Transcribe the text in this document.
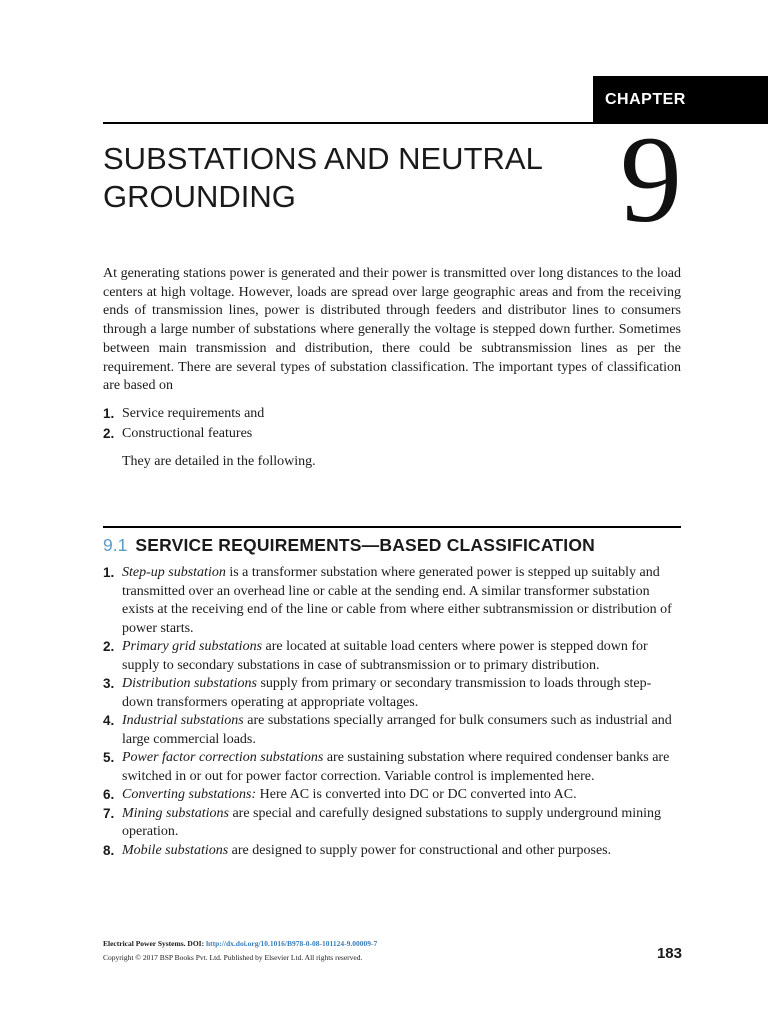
CHAPTER
SUBSTATIONS AND NEUTRAL
GROUNDING	9

At generating stations power is generated and their power is transmitted over long distances to the load centers at high voltage. However, loads are spread over large geographic areas and from the receiving ends of transmission lines, power is distributed through feeders and distributor lines to consumers through a large number of substations where generally the voltage is stepped down further. Sometimes between main transmission and distribution, there could be subtransmission lines as per the requirement. There are several types of substation classification. The important types of classification are based on

1. Service requirements and
2. Constructional features

They are detailed in the following.

9.1 SERVICE REQUIREMENTS—BASED CLASSIFICATION
1. Step-up substation is a transformer substation where generated power is stepped up suitably and transmitted over an overhead line or cable at the sending end. A similar transformer substation exists at the receiving end of the line or cable from where either subtransmission or distribution of power starts.
2. Primary grid substations are located at suitable load centers where power is stepped down for supply to secondary substations in case of subtransmission or to primary distribution.
3. Distribution substations supply from primary or secondary transmission to loads through step-down transformers operating at appropriate voltages.
4. Industrial substations are substations specially arranged for bulk consumers such as industrial and large commercial loads.
5. Power factor correction substations are sustaining substation where required condenser banks are switched in or out for power factor correction. Variable control is implemented here.
6. Converting substations: Here AC is converted into DC or DC converted into AC.
7. Mining substations are special and carefully designed substations to supply underground mining operation.
8. Mobile substations are designed to supply power for constructional and other purposes.

Electrical Power Systems. DOI: http://dx.doi.org/10.1016/B978-0-08-101124-9.00009-7

Copyright © 2017 BSP Books Pvt. Ltd. Published by Elsevier Ltd. All rights reserved.	183
